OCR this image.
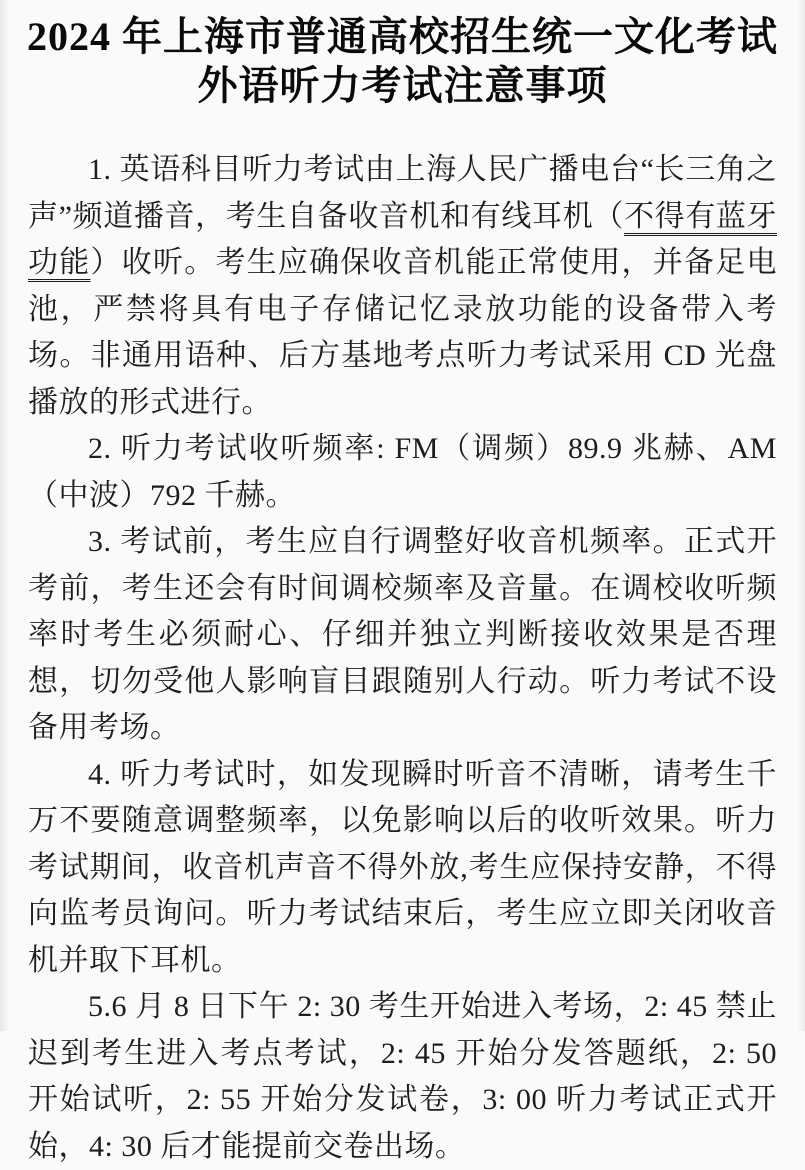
2024 年上海市普通高校招生统一文化考试
外语听力考试注意事项

1. 英语科目听力考试由上海人民广播电台“长三角之声”频道播音，考生自备收音机和有线耳机（不得有蓝牙功能）收听。考生应确保收音机能正常使用，并备足电池，严禁将具有电子存储记忆录放功能的设备带入考场。非通用语种、后方基地考点听力考试采用 CD 光盘播放的形式进行。

2. 听力考试收听频率: FM（调频）89.9 兆赫、AM（中波）792 千赫。

3. 考试前，考生应自行调整好收音机频率。正式开考前，考生还会有时间调校频率及音量。在调校收听频率时考生必须耐心、仔细并独立判断接收效果是否理想，切勿受他人影响盲目跟随别人行动。听力考试不设备用考场。

4. 听力考试时，如发现瞬时听音不清晰，请考生千万不要随意调整频率，以免影响以后的收听效果。听力考试期间，收音机声音不得外放,考生应保持安静，不得向监考员询问。听力考试结束后，考生应立即关闭收音机并取下耳机。

5.6 月 8 日下午 2: 30 考生开始进入考场，2: 45 禁止迟到考生进入考点考试，2: 45 开始分发答题纸，2: 50 开始试听，2: 55 开始分发试卷，3: 00 听力考试正式开始，4: 30 后才能提前交卷出场。
